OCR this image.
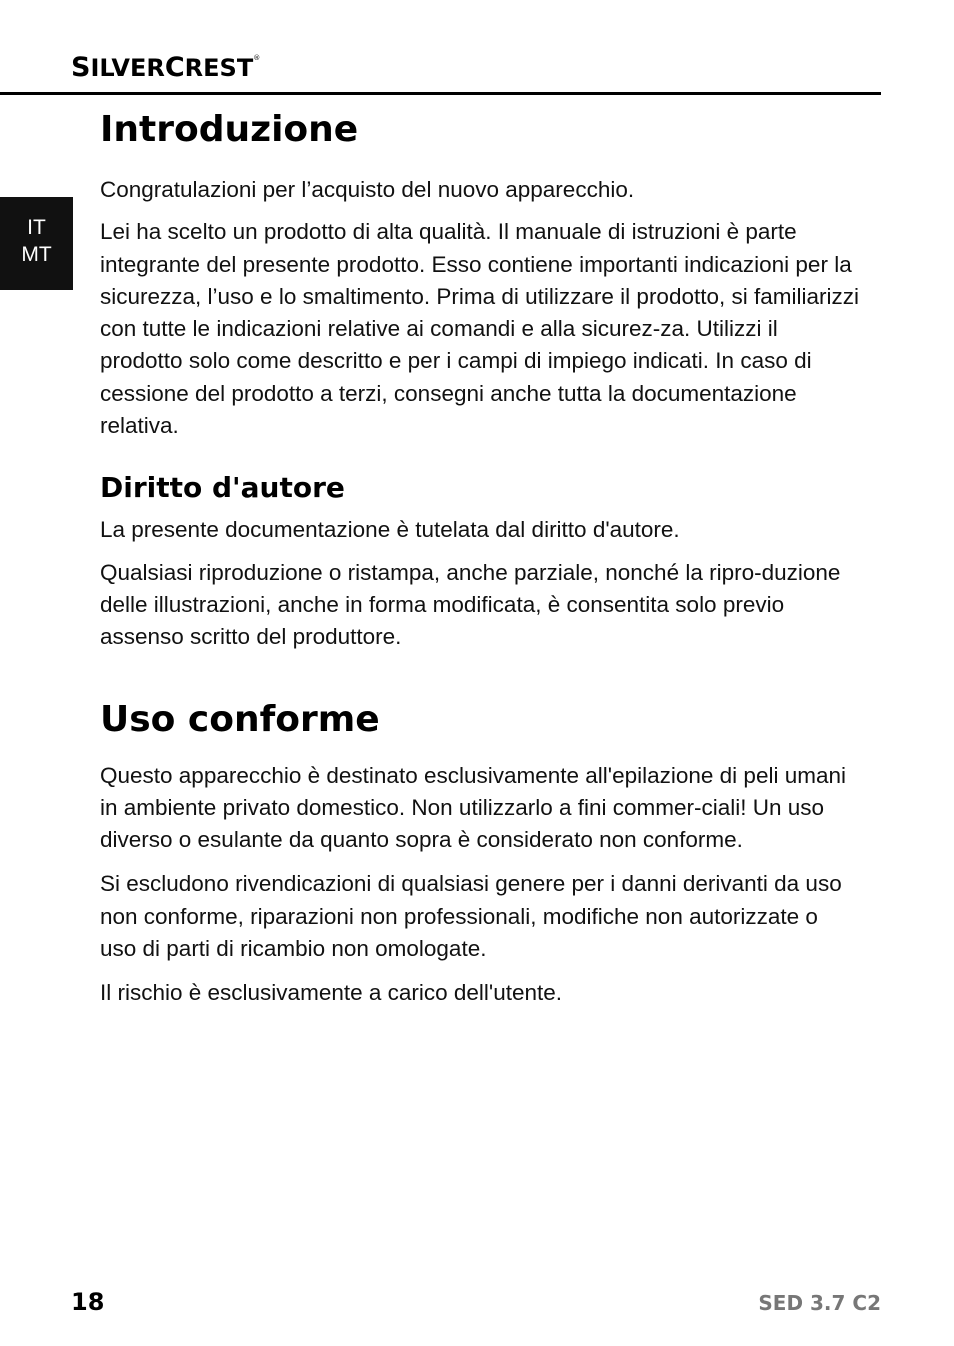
SILVERCREST®
IT
MT
Introduzione

Congratulazioni per l’acquisto del nuovo apparecchio.

Lei ha scelto un prodotto di alta qualità. Il manuale di istruzioni è parte integrante del presente prodotto. Esso contiene importanti indicazioni per la sicurezza, l’uso e lo smaltimento. Prima di utilizzare il prodotto, si familiarizzi con tutte le indicazioni relative ai comandi e alla sicurez-za. Utilizzi il prodotto solo come descritto e per i campi di impiego indicati. In caso di cessione del prodotto a terzi, consegni anche tutta la documentazione relativa.

Diritto d'autore

La presente documentazione è tutelata dal diritto d'autore.

Qualsiasi riproduzione o ristampa, anche parziale, nonché la ripro-duzione delle illustrazioni, anche in forma modificata, è consentita solo previo assenso scritto del produttore.

Uso conforme

Questo apparecchio è destinato esclusivamente all'epilazione di peli umani in ambiente privato domestico. Non utilizzarlo a fini commer-ciali! Un uso diverso o esulante da quanto sopra è considerato non conforme.

Si escludono rivendicazioni di qualsiasi genere per i danni derivanti da uso non conforme, riparazioni non professionali, modifiche non autorizzate o uso di parti di ricambio non omologate.

Il rischio è esclusivamente a carico dell'utente.

18	SED 3.7 C2
